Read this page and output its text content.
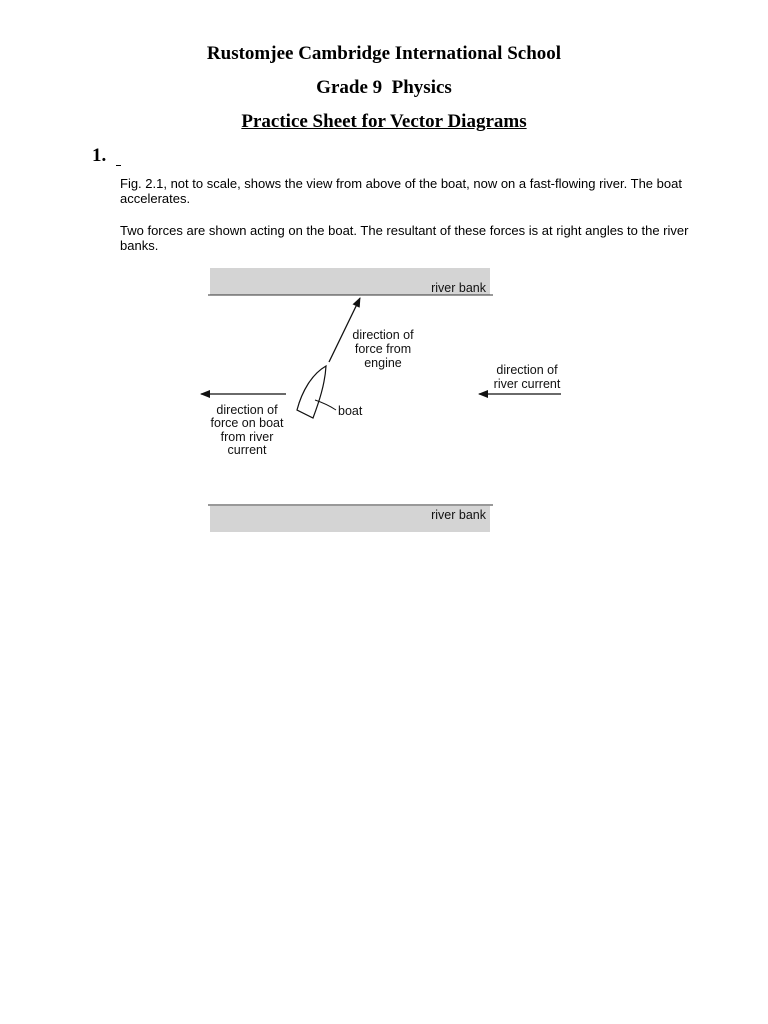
Rustomjee Cambridge International School
Grade 9  Physics
Practice Sheet for Vector Diagrams
1.
Fig. 2.1, not to scale, shows the view from above of the boat, now on a fast-flowing river. The boat accelerates.
Two forces are shown acting on the boat. The resultant of these forces is at right angles to the river banks.
river bank
river bank
direction of
force from
engine	direction of
river current
direction of
force on boat
from river
current
boat
